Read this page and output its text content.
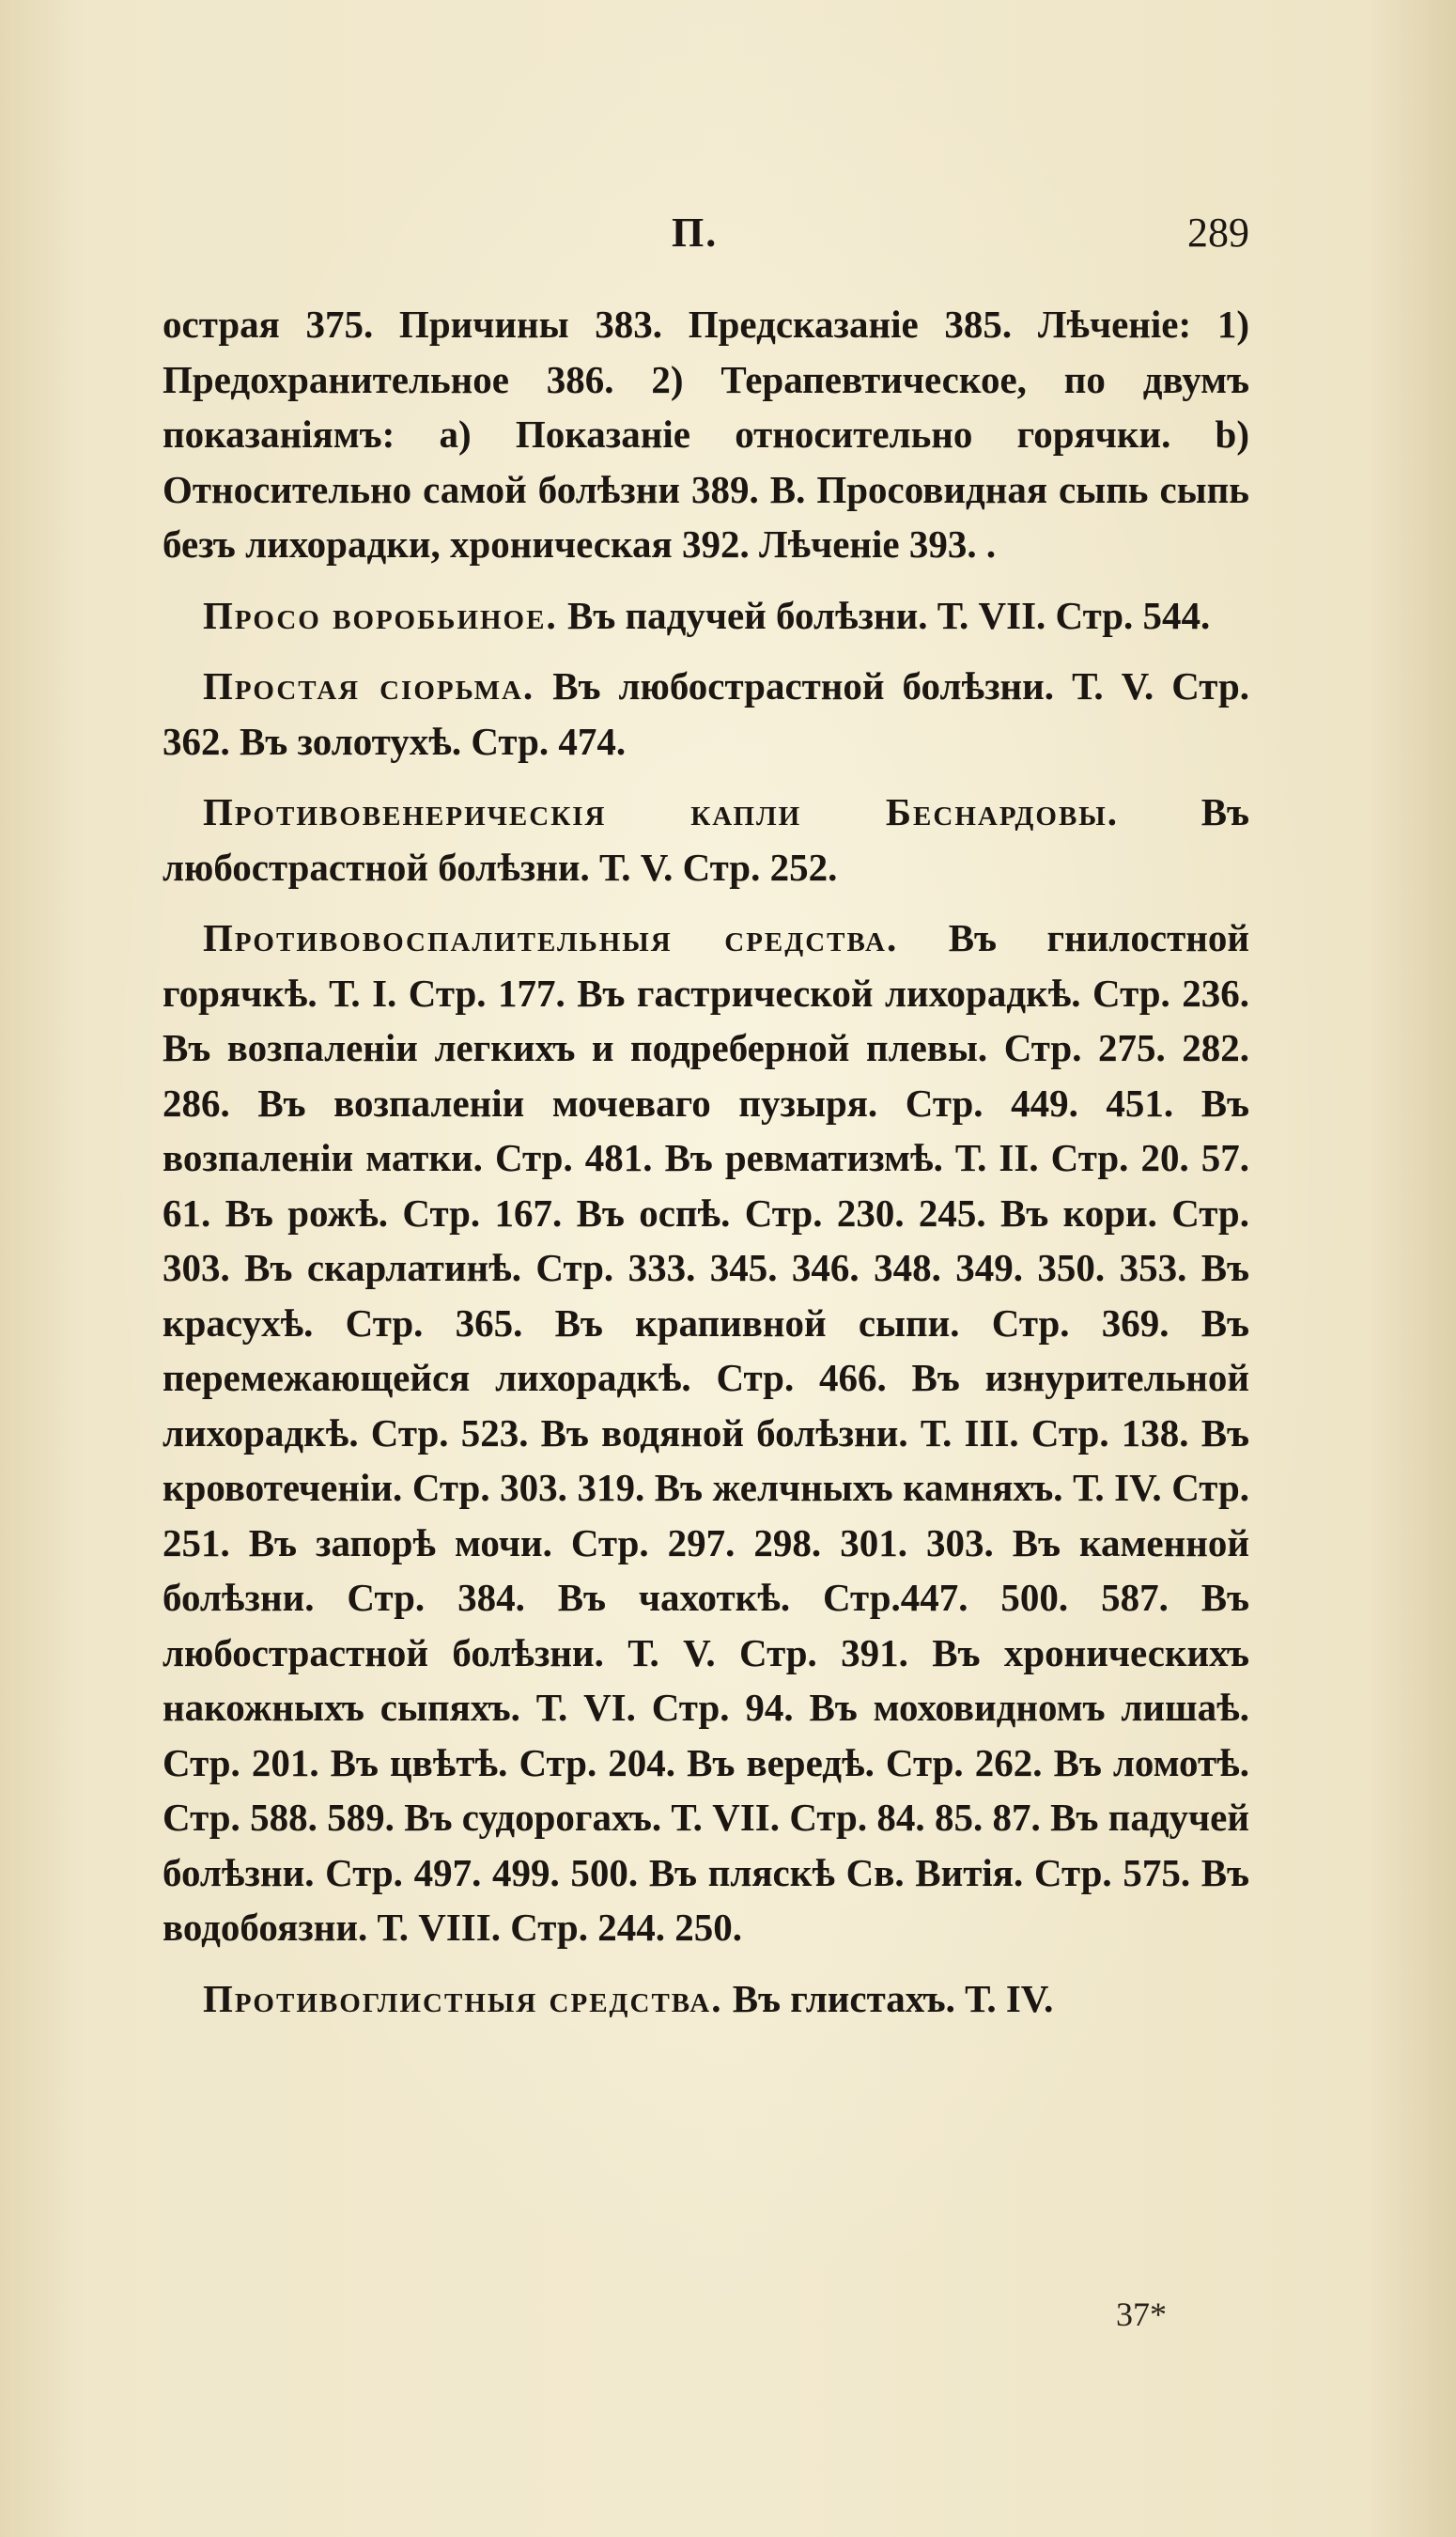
П.	289

острая 375. Причины 383. Предсказаніе 385. Лѣченіе: 1) Предохранительное 386. 2) Терапевтическое, по двумъ показаніямъ: a) Показаніе относительно горячки. b) Относительно самой болѣзни 389. B. Просовидная сыпь сыпь безъ лихорадки, хроническая 392. Лѣченіе 393. .

Просо воробьиное. Въ падучей болѣзни. Т. VII. Стр. 544.

Простая сiорьма. Въ любострастной болѣзни. Т. V. Стр. 362. Въ золотухѣ. Стр. 474.

Противовенерическія капли Беснардовы. Въ любострастной болѣзни. Т. V. Стр. 252.

Противовоспалительныя средства. Въ гнилостной горячкѣ. Т. I. Стр. 177. Въ гастрической лихорадкѣ. Стр. 236. Въ возпаленіи легкихъ и подреберной плевы. Стр. 275. 282. 286. Въ возпаленіи мочеваго пузыря. Стр. 449. 451. Въ возпаленіи матки. Стр. 481. Въ ревматизмѣ. Т. II. Стр. 20. 57. 61. Въ рожѣ. Стр. 167. Въ оспѣ. Стр. 230. 245. Въ кори. Стр. 303. Въ скарлатинѣ. Стр. 333. 345. 346. 348. 349. 350. 353. Въ красухѣ. Стр. 365. Въ крапивной сыпи. Стр. 369. Въ перемежающейся лихорадкѣ. Стр. 466. Въ изнурительной лихорадкѣ. Стр. 523. Въ водяной болѣзни. Т. III. Стр. 138. Въ кровотеченіи. Стр. 303. 319. Въ желчныхъ камняхъ. Т. IV. Стр. 251. Въ запорѣ мочи. Стр. 297. 298. 301. 303. Въ каменной болѣзни. Стр. 384. Въ чахоткѣ. Стр.447. 500. 587. Въ любострастной болѣзни. Т. V. Стр. 391. Въ хроническихъ накожныхъ сыпяхъ. Т. VI. Стр. 94. Въ моховидномъ лишаѣ. Стр. 201. Въ цвѣтѣ. Стр. 204. Въ вередѣ. Стр. 262. Въ ломотѣ. Стр. 588. 589. Въ судорогахъ. Т. VII. Стр. 84. 85. 87. Въ падучей болѣзни. Стр. 497. 499. 500. Въ пляскѣ Св. Витія. Стр. 575. Въ водобоязни. Т. VIII. Стр. 244. 250.

Противоглистныя средства. Въ глистахъ. Т. IV.

37*
